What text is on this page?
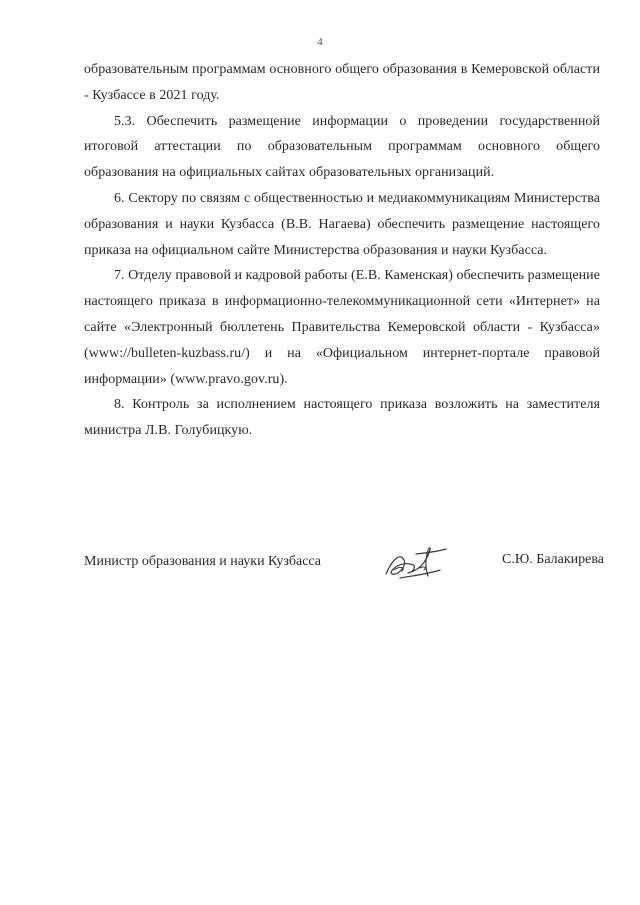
4

образовательным программам основного общего образования в Кемеровской области - Кузбассе в 2021 году.

5.3. Обеспечить размещение информации о проведении государственной итоговой аттестации по образовательным программам основного общего образования на официальных сайтах образовательных организаций.

6. Сектору по связям с общественностью и медиакоммуникациям Министерства образования и науки Кузбасса (В.В. Нагаева) обеспечить размещение настоящего приказа на официальном сайте Министерства образования и науки Кузбасса.

7. Отделу правовой и кадровой работы (Е.В. Каменская) обеспечить размещение настоящего приказа в информационно-телекоммуникационной сети «Интернет» на сайте «Электронный бюллетень Правительства Кемеровской области - Кузбасса» (www://bulleten-kuzbass.ru/) и на «Официальном интернет-портале правовой информации» (www.pravo.gov.ru).

8. Контроль за исполнением настоящего приказа возложить на заместителя министра Л.В. Голубицкую.

Министр образования и науки Кузбасса	С.Ю. Балакирева
